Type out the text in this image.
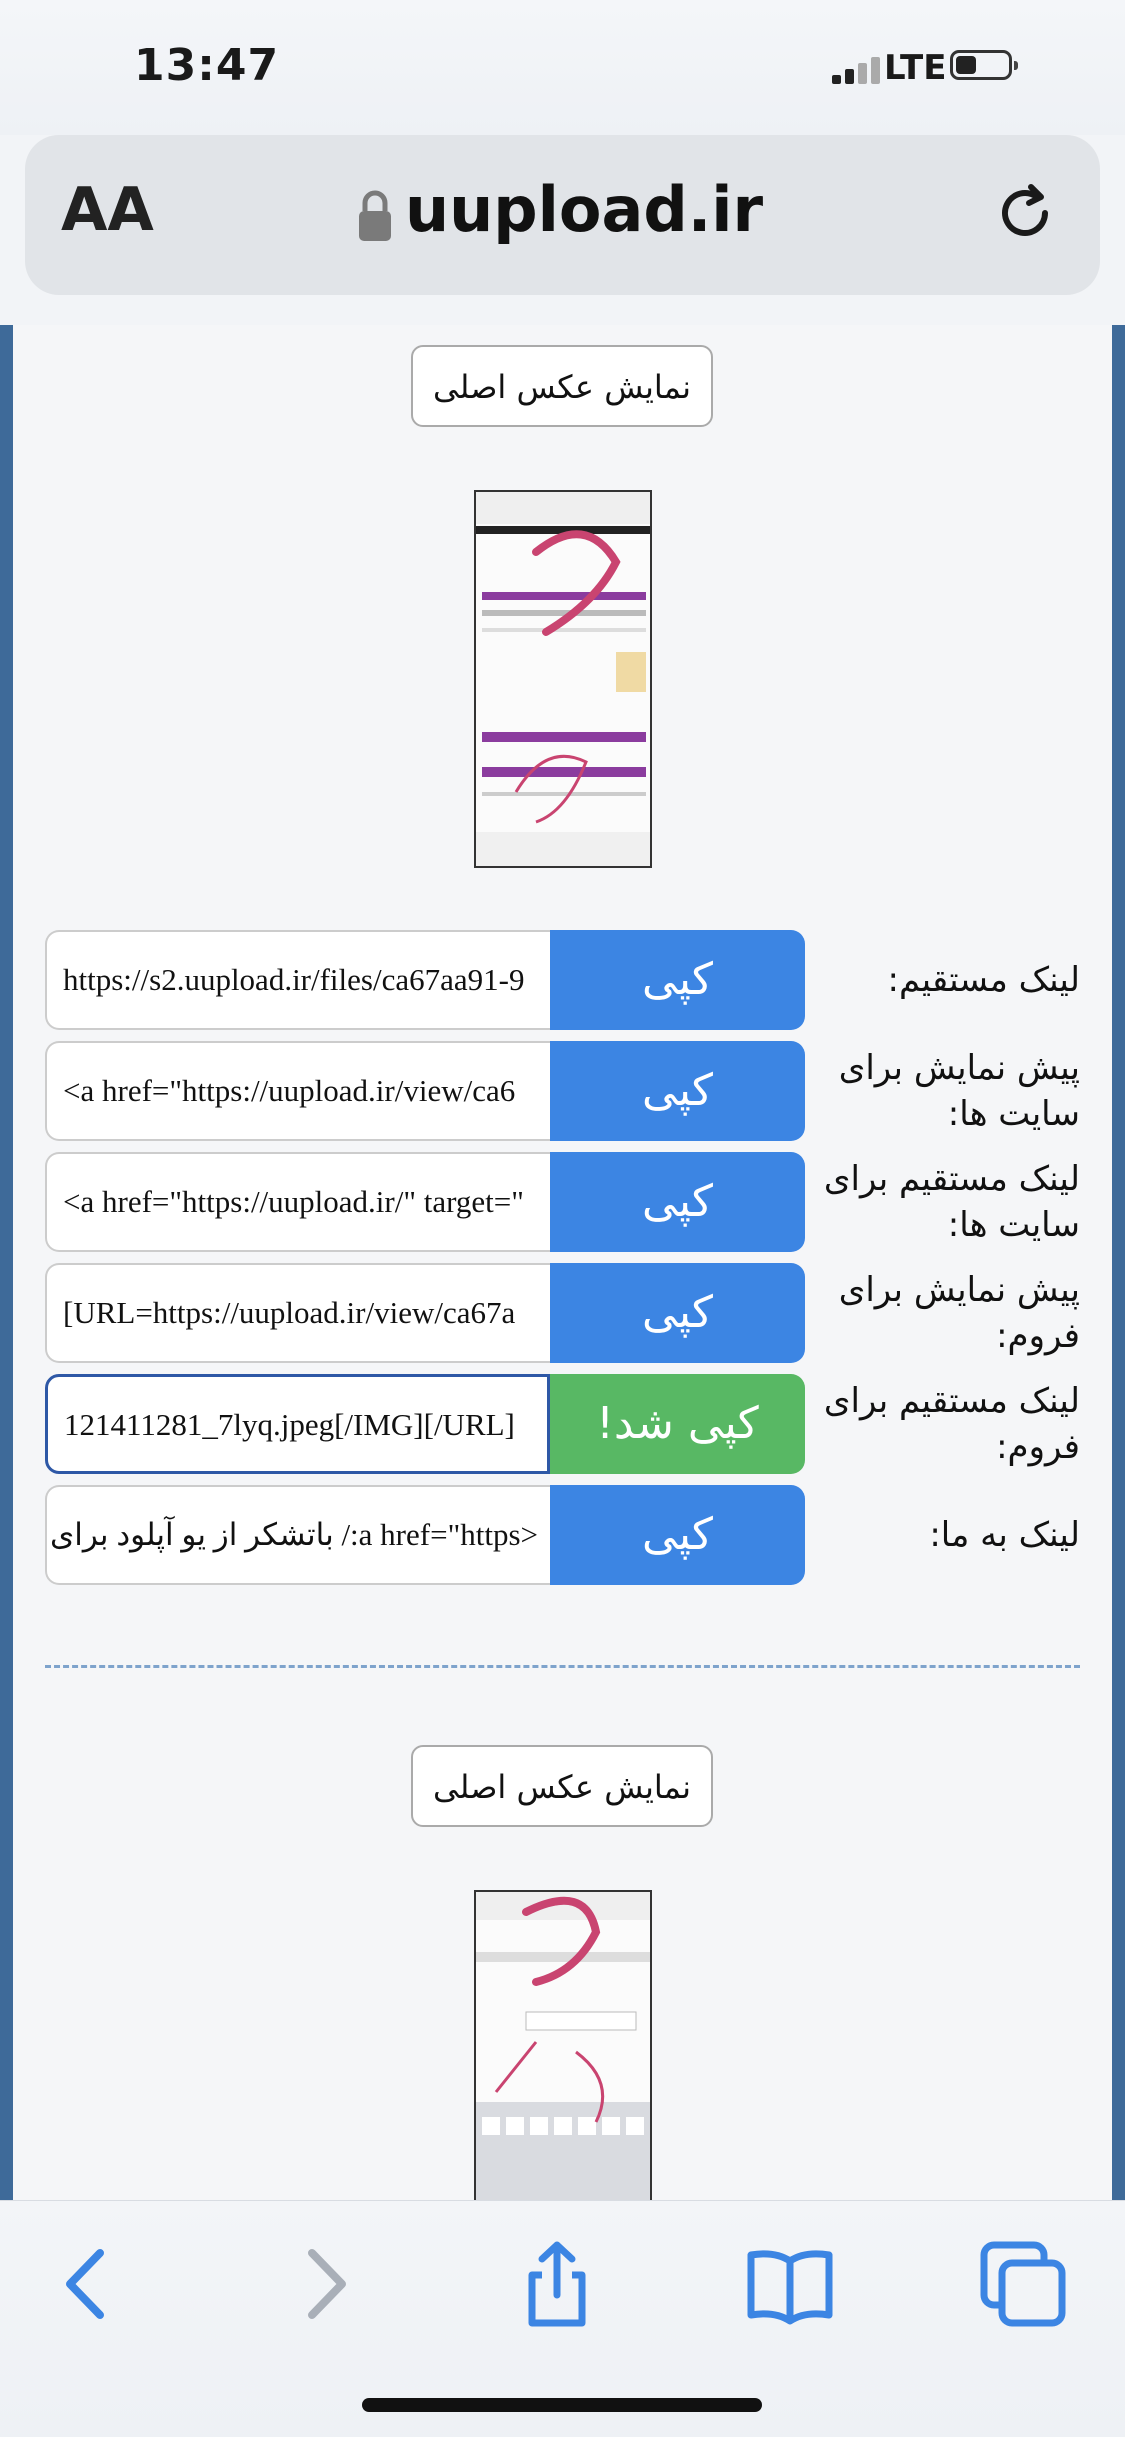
13:47	LTE
AA	uupload.ir
نمایش عکس اصلی
https://s2.uupload.ir/files/ca67aa91-9	کپی	لینک مستقیم:
<a href="https://uupload.ir/view/ca6	کپی	پیش نمایش برای سایت ها:
<a href="https://uupload.ir/" target="	کپی	لینک مستقیم برای سایت ها:
[URL=https://uupload.ir/view/ca67a	کپی	پیش نمایش برای فروم:
121411281_7lyq.jpeg[/IMG][/URL]	کپی شد!	لینک مستقیم برای فروم:
<a href="https:/ باتشکر از یو آپلود برای	کپی	لینک به ما:
نمایش عکس اصلی
